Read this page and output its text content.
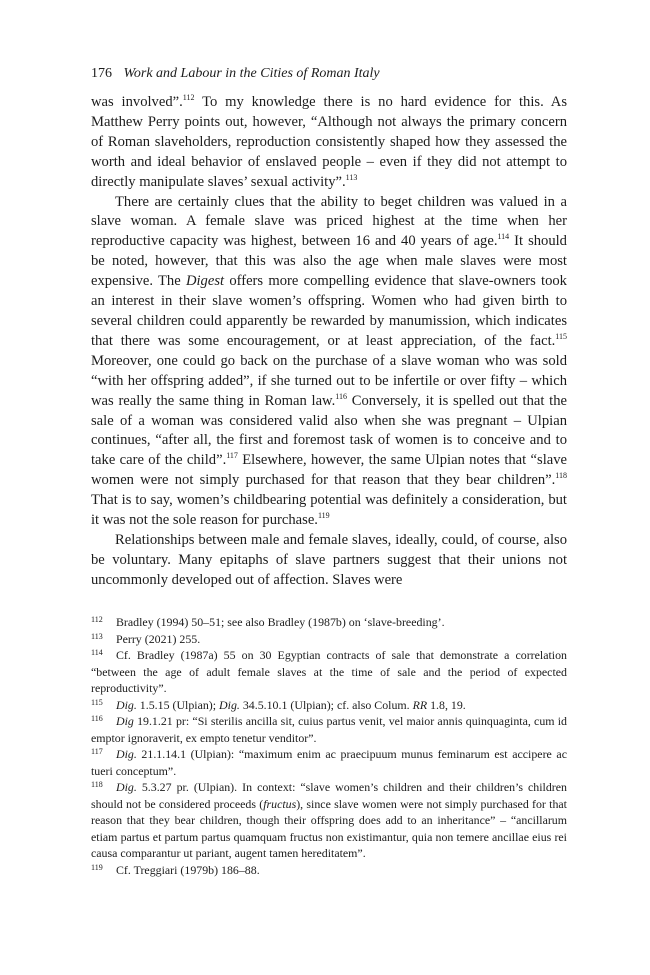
176 Work and Labour in the Cities of Roman Italy

was involved”.$^{112}$ To my knowledge there is no hard evidence for this. As Matthew Perry points out, however, “Although not always the primary concern of Roman slaveholders, reproduction consistently shaped how they assessed the worth and ideal behavior of enslaved people – even if they did not attempt to directly manipulate slaves’ sexual activity”.$^{113}$

There are certainly clues that the ability to beget children was valued in a slave woman. A female slave was priced highest at the time when her reproductive capacity was highest, between 16 and 40 years of age.$^{114}$ It should be noted, however, that this was also the age when male slaves were most expensive. The Digest offers more compelling evidence that slave-owners took an interest in their slave women’s offspring. Women who had given birth to several children could apparently be rewarded by manumission, which indicates that there was some encouragement, or at least appreciation, of the fact.$^{115}$ Moreover, one could go back on the purchase of a slave woman who was sold “with her offspring added”, if she turned out to be infertile or over fifty – which was really the same thing in Roman law.$^{116}$ Conversely, it is spelled out that the sale of a woman was considered valid also when she was pregnant – Ulpian continues, “after all, the first and foremost task of women is to conceive and to take care of the child”.$^{117}$ Elsewhere, however, the same Ulpian notes that “slave women were not simply purchased for that reason that they bear children”.$^{118}$ That is to say, women’s childbearing potential was definitely a consideration, but it was not the sole reason for purchase.$^{119}$

Relationships between male and female slaves, ideally, could, of course, also be voluntary. Many epitaphs of slave partners suggest that their unions not uncommonly developed out of affection. Slaves were

112 Bradley (1994) 50–51; see also Bradley (1987b) on ‘slave-breeding’.

113 Perry (2021) 255.

114 Cf. Bradley (1987a) 55 on 30 Egyptian contracts of sale that demonstrate a correlation “between the age of adult female slaves at the time of sale and the period of expected reproductivity”.

115 Dig. 1.5.15 (Ulpian); Dig. 34.5.10.1 (Ulpian); cf. also Colum. RR 1.8, 19.

116 Dig 19.1.21 pr: “Si sterilis ancilla sit, cuius partus venit, vel maior annis quinquaginta, cum id emptor ignoraverit, ex empto tenetur venditor”.

117 Dig. 21.1.14.1 (Ulpian): “maximum enim ac praecipuum munus feminarum est accipere ac tueri conceptum”.

118 Dig. 5.3.27 pr. (Ulpian). In context: “slave women’s children and their children’s children should not be considered proceeds (fructus), since slave women were not simply purchased for that reason that they bear children, though their offspring does add to an inheritance” – “ancillarum etiam partus et partum partus quamquam fructus non existimantur, quia non temere ancillae eius rei causa comparantur ut pariant, augent tamen hereditatem”.

119 Cf. Treggiari (1979b) 186–88.
